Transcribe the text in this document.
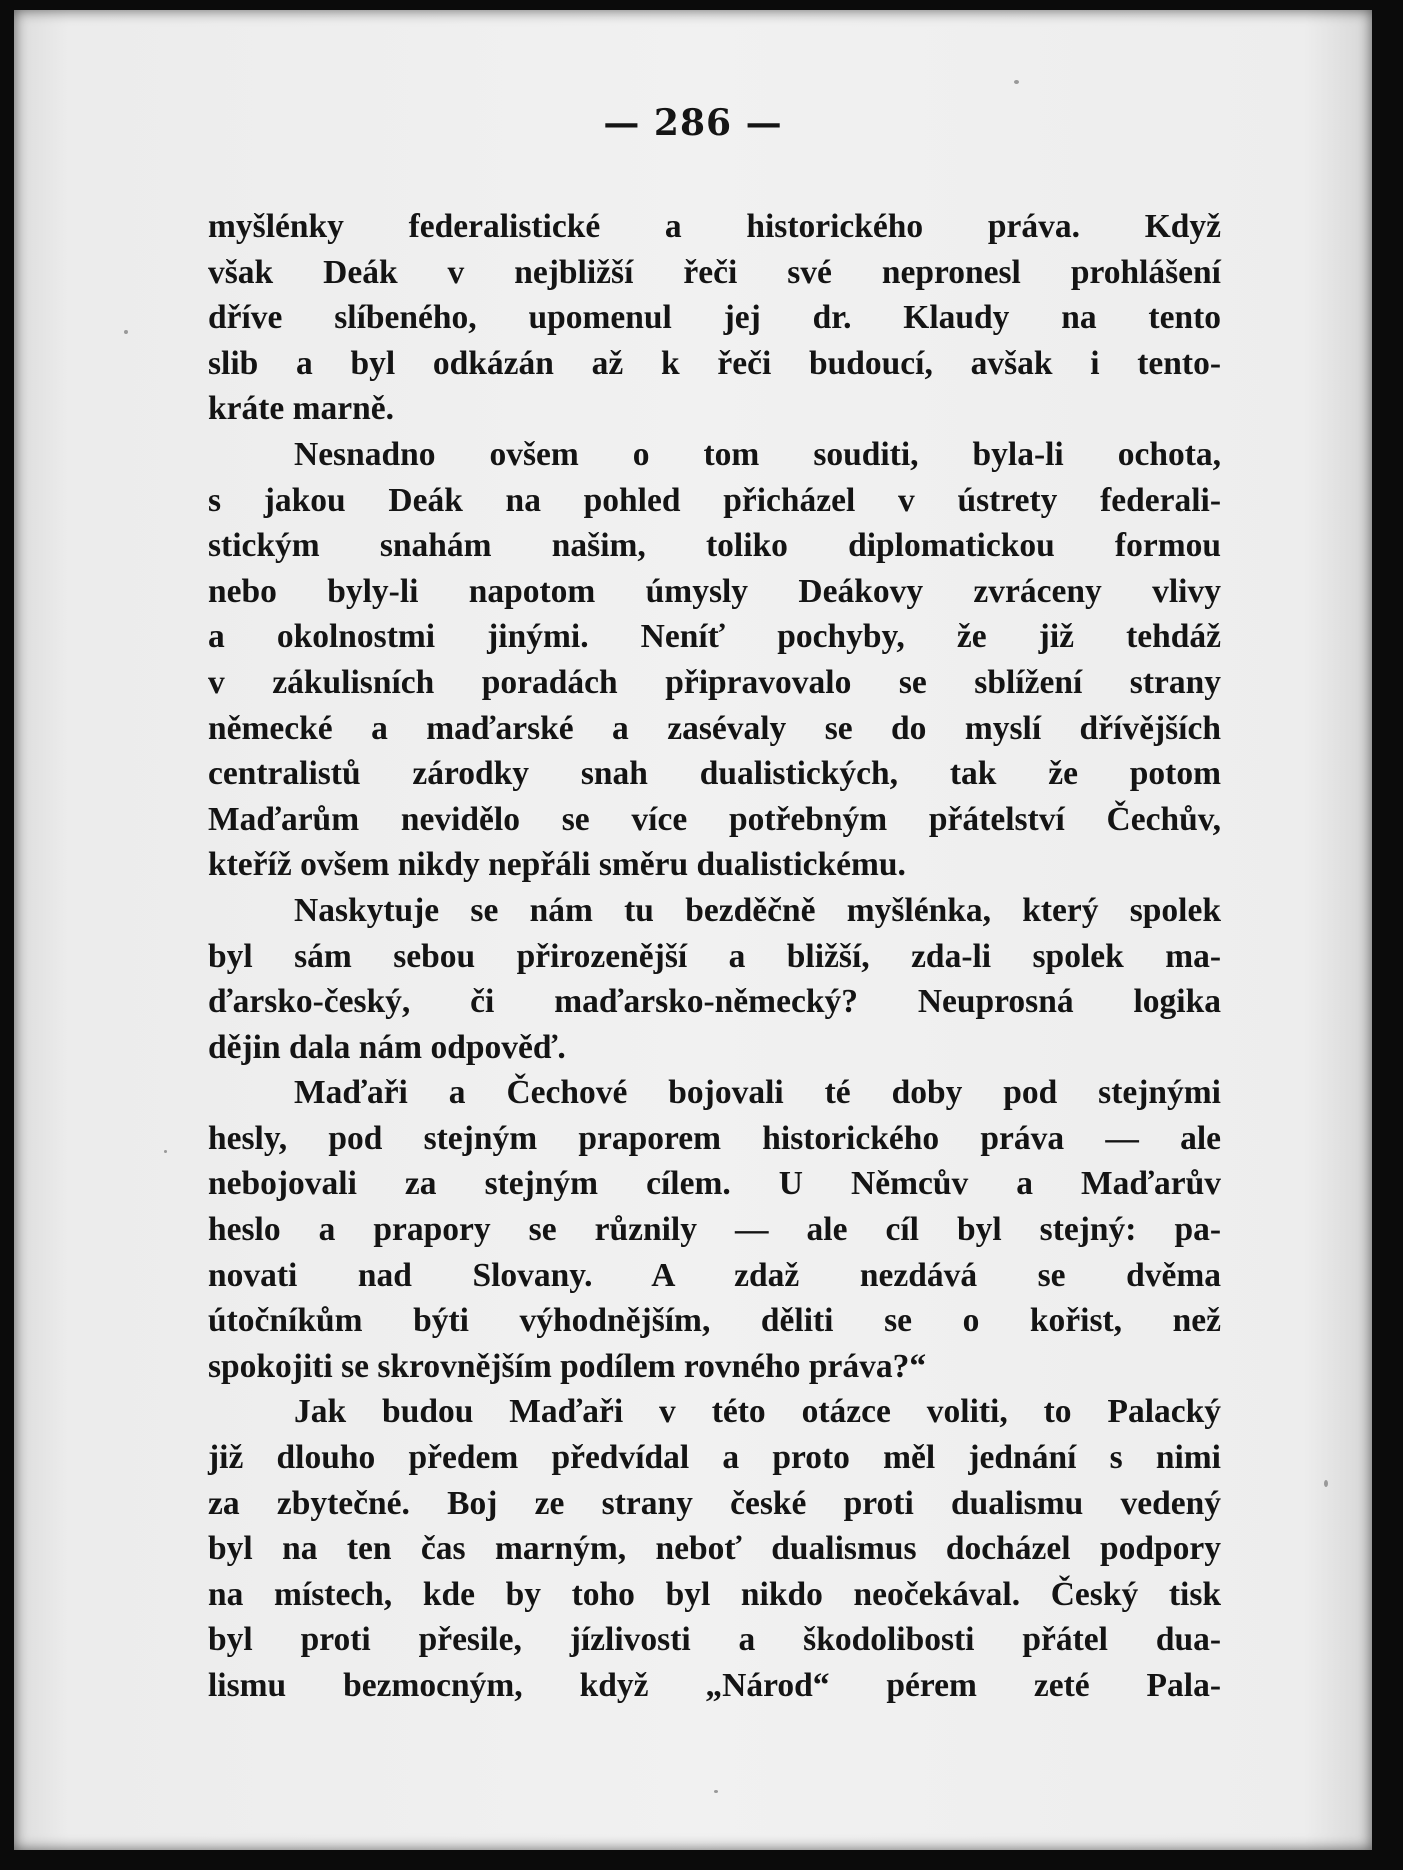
— 286 —
myšlénky federalistické a historického práva. Když
však Deák v nejbližší řeči své nepronesl prohlášení
dříve slíbeného, upomenul jej dr. Klaudy na tento
slib a byl odkázán až k řeči budoucí, avšak i tento-
kráte marně.
Nesnadno ovšem o tom souditi, byla-li ochota,
s jakou Deák na pohled přicházel v ústrety federali-
stickým snahám našim, toliko diplomatickou formou
nebo byly-li napotom úmysly Deákovy zvráceny vlivy
a okolnostmi jinými. Neníť pochyby, že již tehdáž
v zákulisních poradách připravovalo se sblížení strany
německé a maďarské a zasévaly se do myslí dřívějších
centralistů zárodky snah dualistických, tak že potom
Maďarům nevidělo se více potřebným přátelství Čechův,
kteříž ovšem nikdy nepřáli směru dualistickému.
Naskytuje se nám tu bezděčně myšlénka, který spolek
byl sám sebou přirozenější a bližší, zda-li spolek ma-
ďarsko-český, či maďarsko-německý? Neuprosná logika
dějin dala nám odpověď.
Maďaři a Čechové bojovali té doby pod stejnými
hesly, pod stejným praporem historického práva — ale
nebojovali za stejným cílem. U Němcův a Maďarův
heslo a prapory se různily — ale cíl byl stejný: pa-
novati nad Slovany. A zdaž nezdává se dvěma
útočníkům býti výhodnějším, děliti se o kořist, než
spokojiti se skrovnějším podílem rovného práva?“
Jak budou Maďaři v této otázce voliti, to Palacký
již dlouho předem předvídal a proto měl jednání s nimi
za zbytečné. Boj ze strany české proti dualismu vedený
byl na ten čas marným, neboť dualismus docházel podpory
na místech, kde by toho byl nikdo neočekával. Český tisk
byl proti přesile, jízlivosti a škodolibosti přátel dua-
lismu bezmocným, když „Národ“ pérem zeté Pala-
